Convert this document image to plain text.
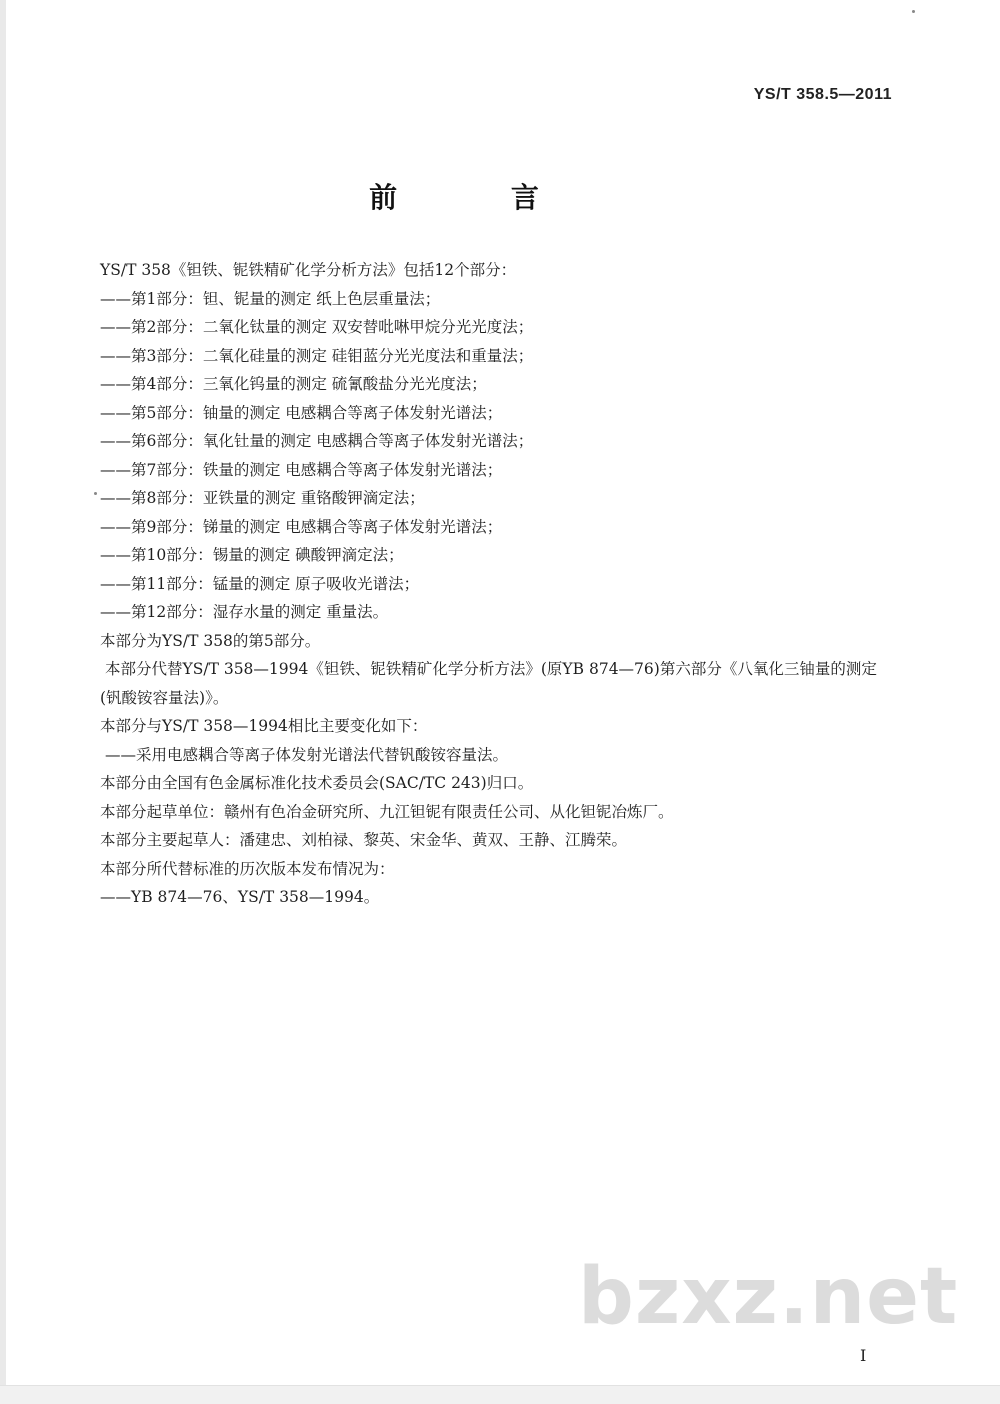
YS/T 358.5—2011
前 言

YS/T 358《钽铁、铌铁精矿化学分析方法》包括12个部分：

——第1部分：钽、铌量的测定 纸上色层重量法；

——第2部分：二氧化钛量的测定 双安替吡啉甲烷分光光度法；

——第3部分：二氧化硅量的测定 硅钼蓝分光光度法和重量法；

——第4部分：三氧化钨量的测定 硫氰酸盐分光光度法；

——第5部分：铀量的测定 电感耦合等离子体发射光谱法；

——第6部分：氧化钍量的测定 电感耦合等离子体发射光谱法；

——第7部分：铁量的测定 电感耦合等离子体发射光谱法；

——第8部分：亚铁量的测定 重铬酸钾滴定法；

——第9部分：锑量的测定 电感耦合等离子体发射光谱法；

——第10部分：锡量的测定 碘酸钾滴定法；

——第11部分：锰量的测定 原子吸收光谱法；

——第12部分：湿存水量的测定 重量法。

本部分为YS/T 358的第5部分。

本部分代替YS/T 358—1994《钽铁、铌铁精矿化学分析方法》(原YB 874—76)第六部分《八氧化三铀量的测定(钒酸铵容量法)》。

本部分与YS/T 358—1994相比主要变化如下：

——采用电感耦合等离子体发射光谱法代替钒酸铵容量法。

本部分由全国有色金属标准化技术委员会(SAC/TC 243)归口。

本部分起草单位：赣州有色冶金研究所、九江钽铌有限责任公司、从化钽铌冶炼厂。

本部分主要起草人：潘建忠、刘柏禄、黎英、宋金华、黄双、王静、江腾荣。

本部分所代替标准的历次版本发布情况为：

——YB 874—76、YS/T 358—1994。

bzxz.net
I
